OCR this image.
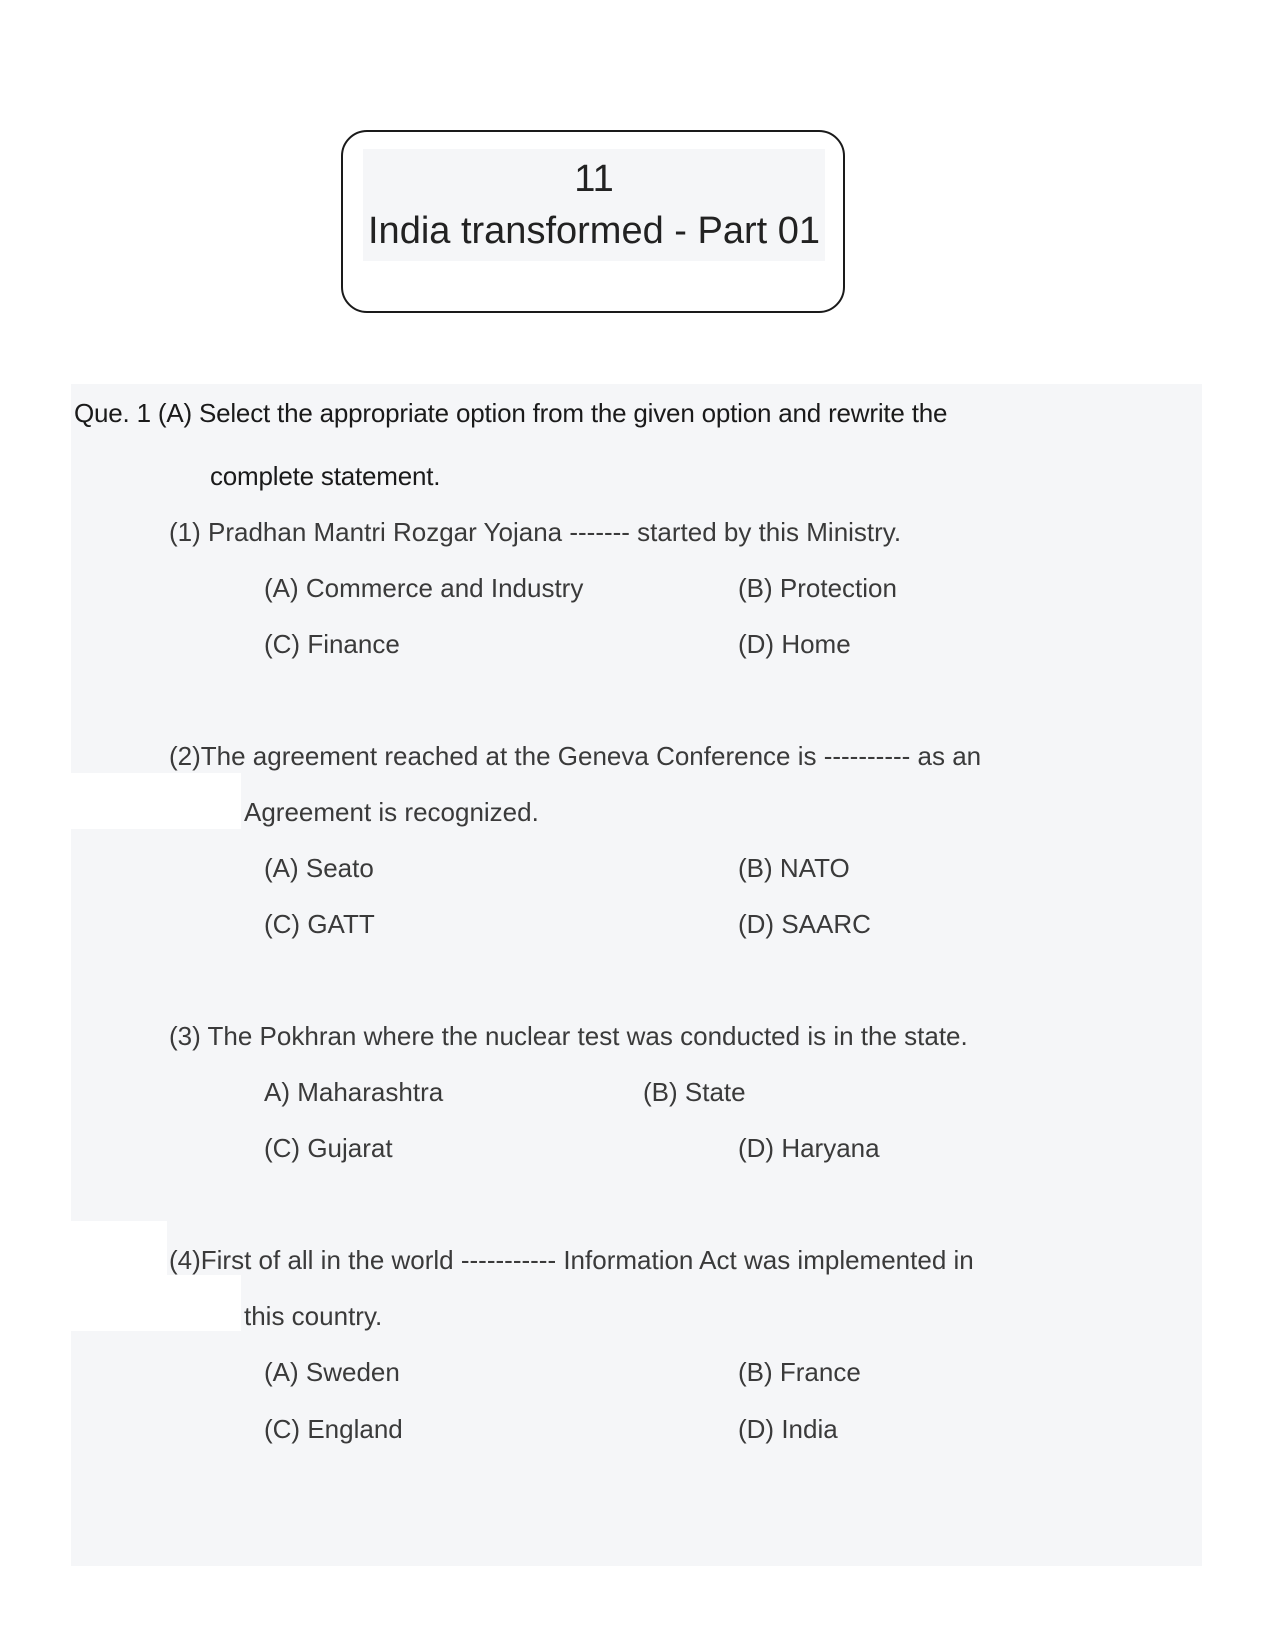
11
India transformed - Part 01
Que. 1 (A) Select the appropriate option from the given option and rewrite the
complete statement.
(1) Pradhan Mantri Rozgar Yojana ------- started by this Ministry.
(A) Commerce and Industry	(B) Protection
(C) Finance	(D) Home
(2)The agreement reached at the Geneva Conference is ---------- as an
Agreement is recognized.
(A) Seato	(B) NATO
(C) GATT	(D) SAARC
(3) The Pokhran where the nuclear test was conducted is in the state.
A) Maharashtra	(B) State
(C) Gujarat	(D) Haryana
(4)First of all in the world ----------- Information Act was implemented in
this country.
(A) Sweden	(B) France
(C) England	(D) India
